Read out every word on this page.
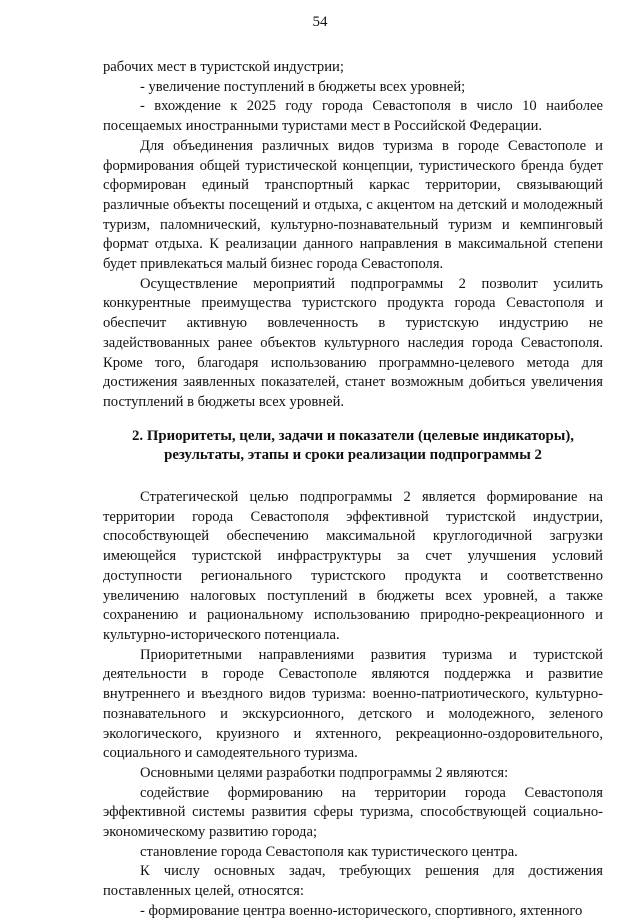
54

рабочих мест в туристской индустрии;

- увеличение поступлений в бюджеты всех уровней;

- вхождение к 2025 году города Севастополя в число 10 наиболее посещаемых иностранными туристами мест в Российской Федерации.

Для объединения различных видов туризма в городе Севастополе и формирования общей туристической концепции, туристического бренда будет сформирован единый транспортный каркас территории, связывающий различные объекты посещений и отдыха, с акцентом на детский и молодежный туризм, паломнический, культурно-познавательный туризм и кемпинговый формат отдыха. К реализации данного направления в максимальной степени будет привлекаться малый бизнес города Севастополя.

Осуществление мероприятий подпрограммы 2 позволит усилить конкурентные преимущества туристского продукта города Севастополя и обеспечит активную вовлеченность в туристскую индустрию не задействованных ранее объектов культурного наследия города Севастополя. Кроме того, благодаря использованию программно-целевого метода для достижения заявленных показателей, станет возможным добиться увеличения поступлений в бюджеты всех уровней.

2. Приоритеты, цели, задачи и показатели (целевые индикаторы), результаты, этапы и сроки реализации подпрограммы 2

Стратегической целью подпрограммы 2 является формирование на территории города Севастополя эффективной туристской индустрии, способствующей обеспечению максимальной круглогодичной загрузки имеющейся туристской инфраструктуры за счет улучшения условий доступности регионального туристского продукта и соответственно увеличению налоговых поступлений в бюджеты всех уровней, а также сохранению и рациональному использованию природно-рекреационного и культурно-исторического потенциала.

Приоритетными направлениями развития туризма и туристской деятельности в городе Севастополе являются поддержка и развитие внутреннего и въездного видов туризма: военно-патриотического, культурно-познавательного и экскурсионного, детского и молодежного, зеленого экологического, круизного и яхтенного, рекреационно-оздоровительного, социального и самодеятельного туризма.

Основными целями разработки подпрограммы 2 являются:

содействие формированию на территории города Севастополя эффективной системы развития сферы туризма, способствующей социально-экономическому развитию города;

становление города Севастополя как туристического центра.

К числу основных задач, требующих решения для достижения поставленных целей, относятся:

- формирование центра военно-исторического, спортивного, яхтенного
